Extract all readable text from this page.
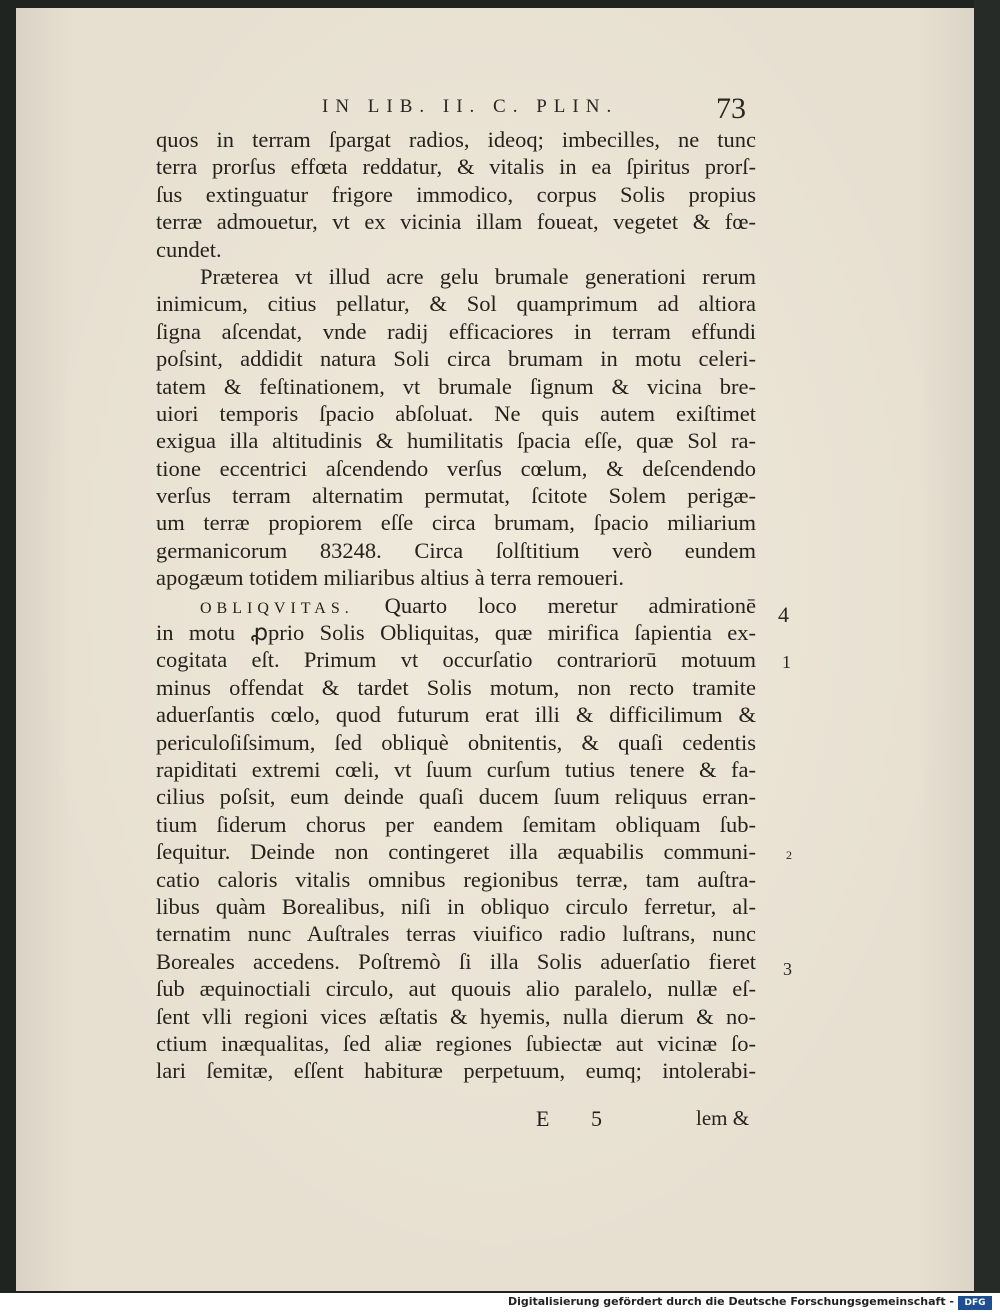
IN LIB. II. C. PLIN.	73
quos in terram ſpargat radios, ideoq; imbecilles, ne tunc
terra prorſus effœta reddatur, & vitalis in ea ſpiritus prorſ-
ſus extinguatur frigore immodico, corpus Solis propius
terræ admouetur, vt ex vicinia illam foueat, vegetet & fœ-
cundet.
Præterea vt illud acre gelu brumale generationi rerum
inimicum, citius pellatur, & Sol quamprimum ad altiora
ſigna aſcendat, vnde radij efficaciores in terram effundi
poſsint, addidit natura Soli circa brumam in motu celeri-
tatem & feſtinationem, vt brumale ſignum & vicina bre-
uiori temporis ſpacio abſoluat. Ne quis autem exiſtimet
exigua illa altitudinis & humilitatis ſpacia eſſe, quæ Sol ra-
tione eccentrici aſcendendo verſus cœlum, & deſcendendo
verſus terram alternatim permutat, ſcitote Solem perigæ-
um terræ propiorem eſſe circa brumam, ſpacio miliarium
germanicorum 83248. Circa ſolſtitium verò eundem
apogæum totidem miliaribus altius à terra remoueri.
OBLIQVITAS. Quarto loco meretur admirationē
in motu ꝓprio Solis Obliquitas, quæ mirifica ſapientia ex-
cogitata eſt. Primum vt occurſatio contrariorū motuum
minus offendat & tardet Solis motum, non recto tramite
aduerſantis cœlo, quod futurum erat illi & difficilimum &
periculoſiſsimum, ſed obliquè obnitentis, & quaſi cedentis
rapiditati extremi cœli, vt ſuum curſum tutius tenere & fa-
cilius poſsit, eum deinde quaſi ducem ſuum reliquus erran-
tium ſiderum chorus per eandem ſemitam obliquam ſub-
ſequitur. Deinde non contingeret illa æquabilis communi-
catio caloris vitalis omnibus regionibus terræ, tam auſtra-
libus quàm Borealibus, niſi in obliquo circulo ferretur, al-
ternatim nunc Auſtrales terras viuifico radio luſtrans, nunc
Boreales accedens. Poſtremò ſi illa Solis aduerſatio fieret
ſub æquinoctiali circulo, aut quouis alio paralelo, nullæ eſ-
ſent vlli regioni vices æſtatis & hyemis, nulla dierum & no-
ctium inæqualitas, ſed aliæ regiones ſubiectæ aut vicinæ ſo-
lari ſemitæ, eſſent habituræ perpetuum, eumq; intolerabi-
4
1
2
3
E 5	lem &
Digitalisierung gefördert durch die Deutsche Forschungsgemeinschaft -	DFG
